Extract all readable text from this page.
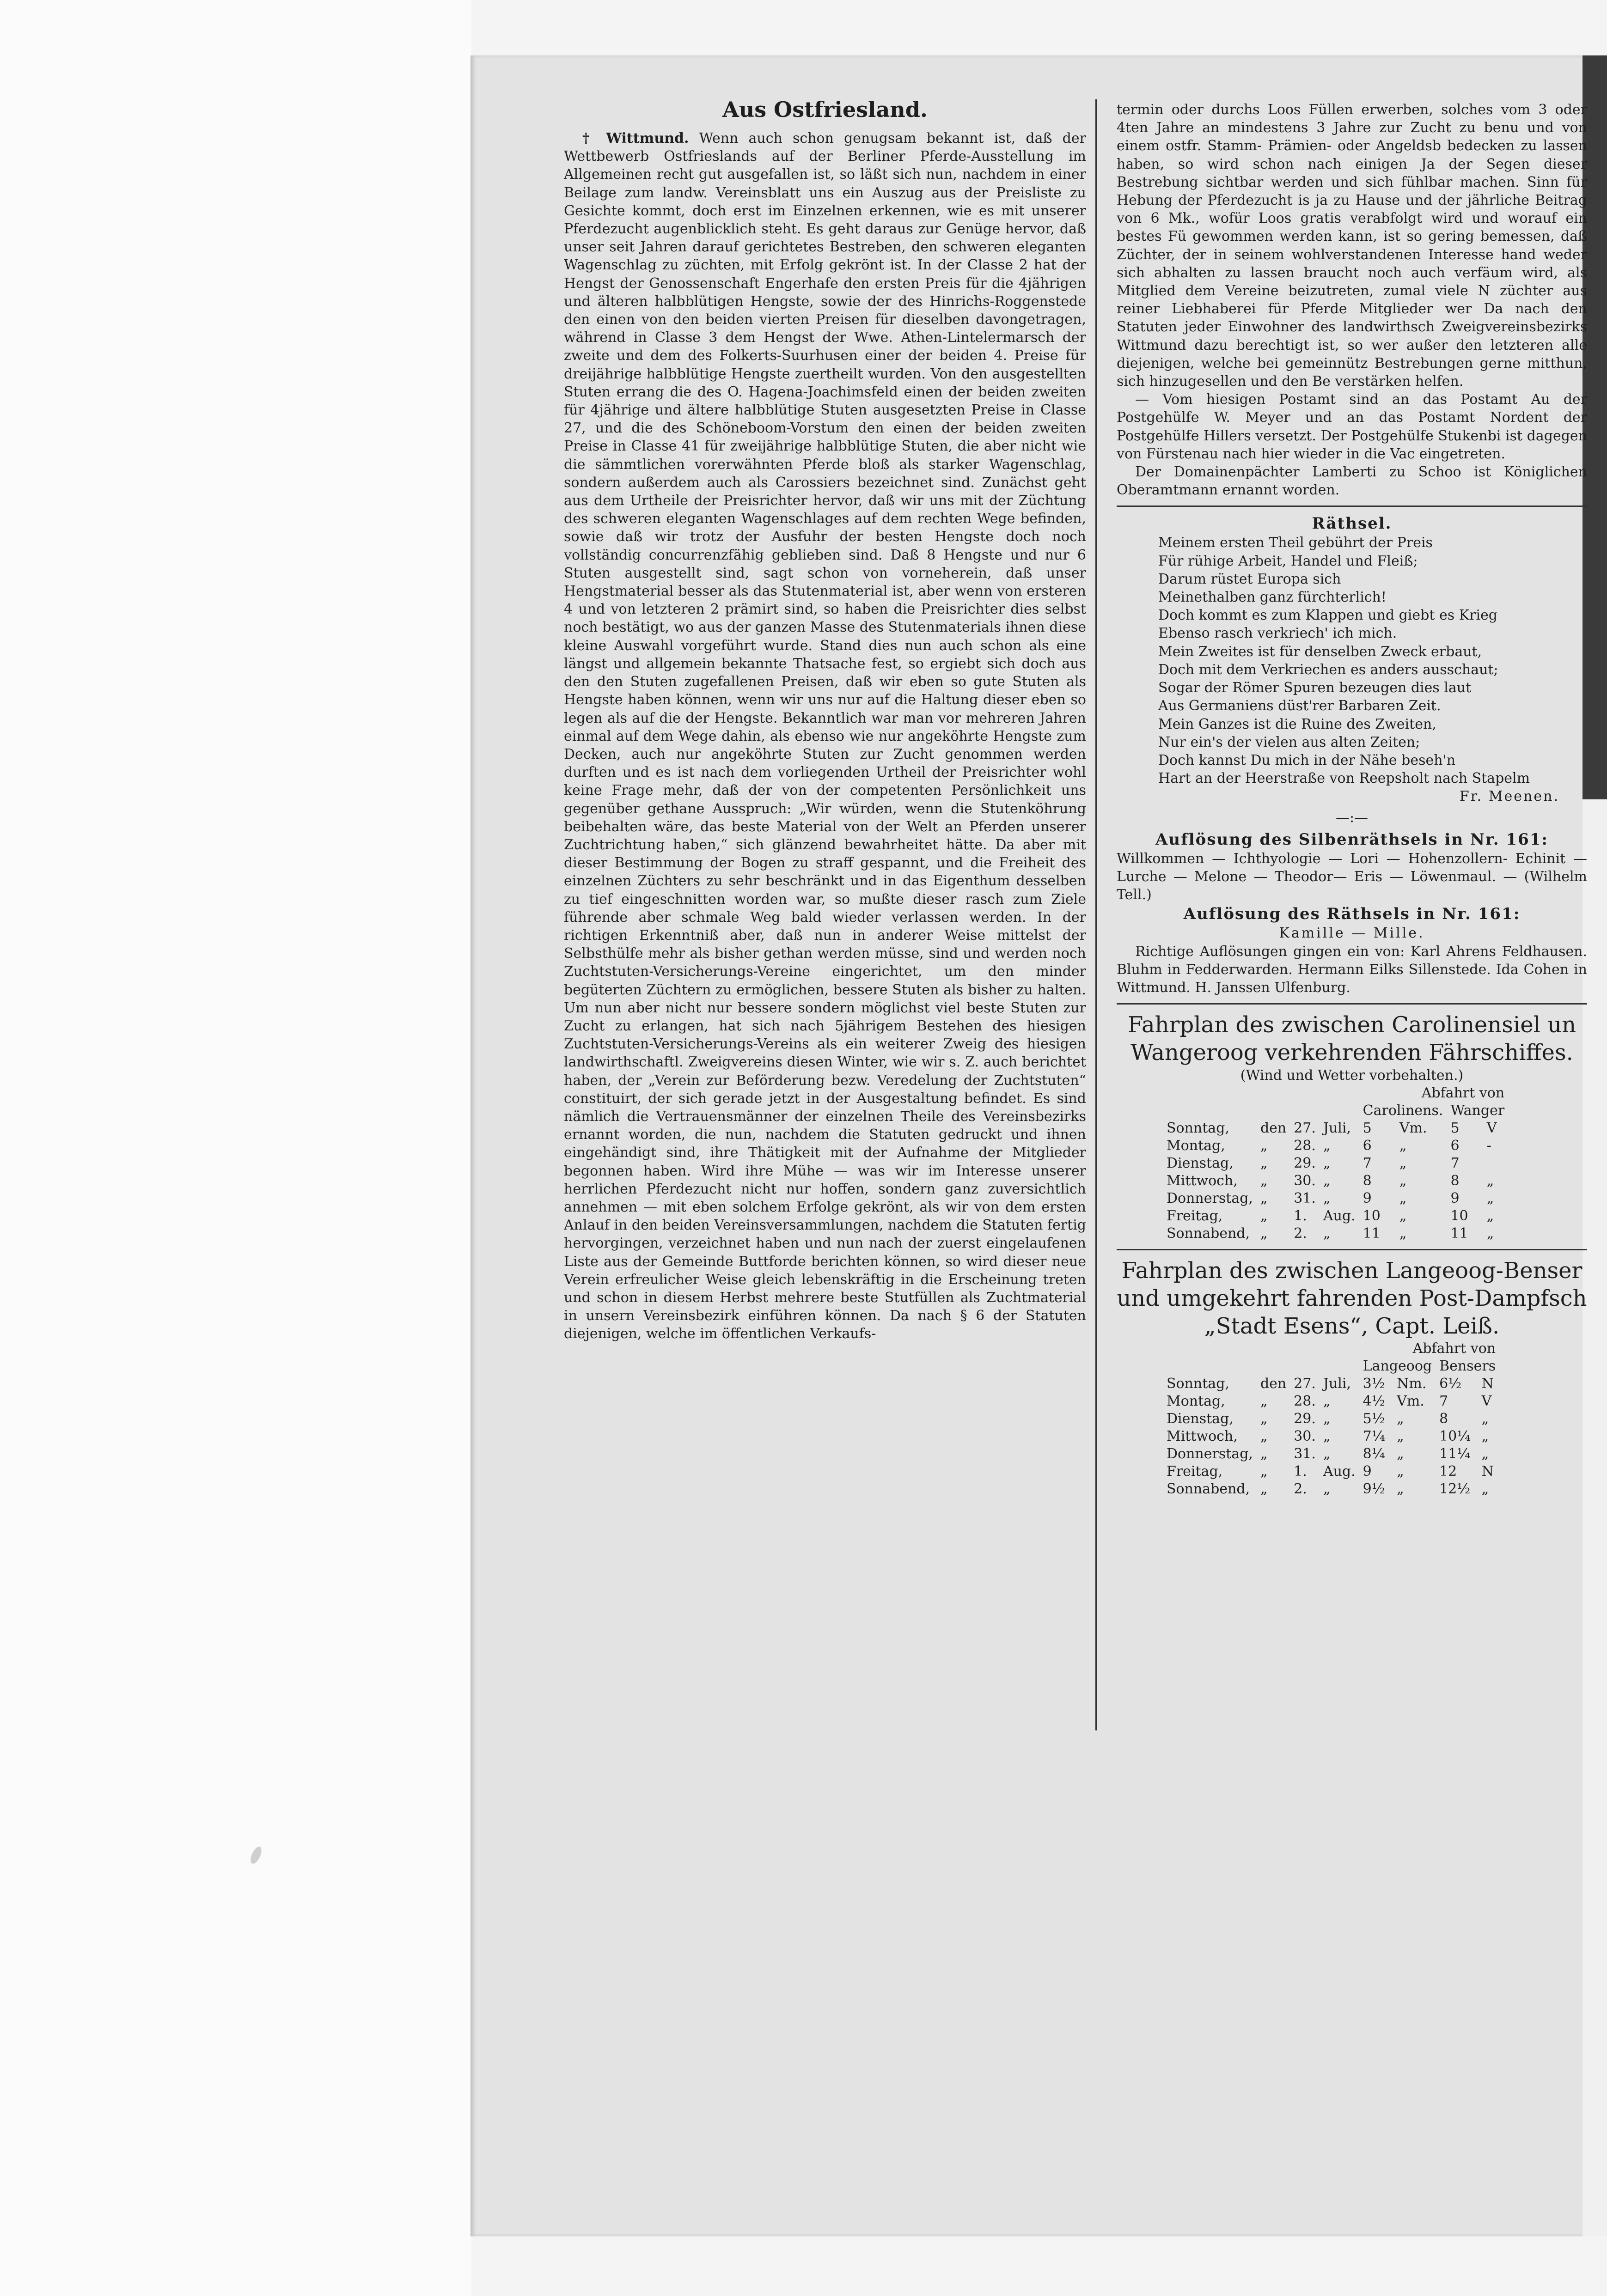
Aus Ostfriesland.

† Wittmund. Wenn auch schon genugsam bekannt ist, daß der Wettbewerb Ostfrieslands auf der Berliner Pferde-Ausstellung im Allgemeinen recht gut ausgefallen ist, so läßt sich nun, nachdem in einer Beilage zum landw. Vereinsblatt uns ein Auszug aus der Preisliste zu Gesichte kommt, doch erst im Einzelnen erkennen, wie es mit unserer Pferdezucht augenblicklich steht. Es geht daraus zur Genüge hervor, daß unser seit Jahren darauf gerichtetes Bestreben, den schweren eleganten Wagenschlag zu züchten, mit Erfolg gekrönt ist. In der Classe 2 hat der Hengst der Genossenschaft Engerhafe den ersten Preis für die 4jährigen und älteren halbblütigen Hengste, sowie der des Hinrichs-Roggenstede den einen von den beiden vierten Preisen für dieselben davongetragen, während in Classe 3 dem Hengst der Wwe. Athen-Lintelermarsch der zweite und dem des Folkerts-Suurhusen einer der beiden 4. Preise für dreijährige halbblütige Hengste zuertheilt wurden. Von den ausgestellten Stuten errang die des O. Hagena-Joachimsfeld einen der beiden zweiten für 4jährige und ältere halbblütige Stuten ausgesetzten Preise in Classe 27, und die des Schöneboom-Vorstum den einen der beiden zweiten Preise in Classe 41 für zweijährige halbblütige Stuten, die aber nicht wie die sämmtlichen vorerwähnten Pferde bloß als starker Wagenschlag, sondern außerdem auch als Carossiers bezeichnet sind. Zunächst geht aus dem Urtheile der Preisrichter hervor, daß wir uns mit der Züchtung des schweren eleganten Wagenschlages auf dem rechten Wege befinden, sowie daß wir trotz der Ausfuhr der besten Hengste doch noch vollständig concurrenzfähig geblieben sind. Daß 8 Hengste und nur 6 Stuten ausgestellt sind, sagt schon von vorneherein, daß unser Hengstmaterial besser als das Stutenmaterial ist, aber wenn von ersteren 4 und von letzteren 2 prämirt sind, so haben die Preisrichter dies selbst noch bestätigt, wo aus der ganzen Masse des Stutenmaterials ihnen diese kleine Auswahl vorgeführt wurde. Stand dies nun auch schon als eine längst und allgemein bekannte Thatsache fest, so ergiebt sich doch aus den den Stuten zugefallenen Preisen, daß wir eben so gute Stuten als Hengste haben können, wenn wir uns nur auf die Haltung dieser eben so legen als auf die der Hengste. Bekanntlich war man vor mehreren Jahren einmal auf dem Wege dahin, als ebenso wie nur angeköhrte Hengste zum Decken, auch nur angeköhrte Stuten zur Zucht genommen werden durften und es ist nach dem vorliegenden Urtheil der Preisrichter wohl keine Frage mehr, daß der von der competenten Persönlichkeit uns gegenüber gethane Ausspruch: „Wir würden, wenn die Stutenköhrung beibehalten wäre, das beste Material von der Welt an Pferden unserer Zuchtrichtung haben,“ sich glänzend bewahrheitet hätte. Da aber mit dieser Bestimmung der Bogen zu straff gespannt, und die Freiheit des einzelnen Züchters zu sehr beschränkt und in das Eigenthum desselben zu tief eingeschnitten worden war, so mußte dieser rasch zum Ziele führende aber schmale Weg bald wieder verlassen werden. In der richtigen Erkenntniß aber, daß nun in anderer Weise mittelst der Selbsthülfe mehr als bisher gethan werden müsse, sind und werden noch Zuchtstuten-Versicherungs-Vereine eingerichtet, um den minder begüterten Züchtern zu ermöglichen, bessere Stuten als bisher zu halten. Um nun aber nicht nur bessere sondern möglichst viel beste Stuten zur Zucht zu erlangen, hat sich nach 5jährigem Bestehen des hiesigen Zuchtstuten-Versicherungs-Vereins als ein weiterer Zweig des hiesigen landwirthschaftl. Zweigvereins diesen Winter, wie wir s. Z. auch berichtet haben, der „Verein zur Beförderung bezw. Veredelung der Zuchtstuten“ constituirt, der sich gerade jetzt in der Ausgestaltung befindet. Es sind nämlich die Vertrauensmänner der einzelnen Theile des Vereinsbezirks ernannt worden, die nun, nachdem die Statuten gedruckt und ihnen eingehändigt sind, ihre Thätigkeit mit der Aufnahme der Mitglieder begonnen haben. Wird ihre Mühe — was wir im Interesse unserer herrlichen Pferdezucht nicht nur hoffen, sondern ganz zuversichtlich annehmen — mit eben solchem Erfolge gekrönt, als wir von dem ersten Anlauf in den beiden Vereinsversammlungen, nachdem die Statuten fertig hervorgingen, verzeichnet haben und nun nach der zuerst eingelaufenen Liste aus der Gemeinde Buttforde berichten können, so wird dieser neue Verein erfreulicher Weise gleich lebenskräftig in die Erscheinung treten und schon in diesem Herbst mehrere beste Stutfüllen als Zuchtmaterial in unsern Vereinsbezirk einführen können. Da nach § 6 der Statuten diejenigen, welche im öffentlichen Verkaufs-

termin oder durchs Loos Füllen erwerben, solches vom 3 oder 4ten Jahre an mindestens 3 Jahre zur Zucht zu benu und von einem ostfr. Stamm- Prämien- oder Angeldsb bedecken zu lassen haben, so wird schon nach einigen Ja der Segen dieser Bestrebung sichtbar werden und sich fühlbar machen. Sinn für Hebung der Pferdezucht is ja zu Hause und der jährliche Beitrag von 6 Mk., wofür Loos gratis verabfolgt wird und worauf ein bestes Fü gewommen werden kann, ist so gering bemessen, daß Züchter, der in seinem wohlverstandenen Interesse hand weder sich abhalten zu lassen braucht noch auch verfäum wird, als Mitglied dem Vereine beizutreten, zumal viele N züchter aus reiner Liebhaberei für Pferde Mitglieder wer Da nach den Statuten jeder Einwohner des landwirthsch Zweigvereinsbezirks Wittmund dazu berechtigt ist, so wer außer den letzteren alle diejenigen, welche bei gemeinnütz Bestrebungen gerne mitthun, sich hinzugesellen und den Be verstärken helfen.

— Vom hiesigen Postamt sind an das Postamt Au der Postgehülfe W. Meyer und an das Postamt Nordent der Postgehülfe Hillers versetzt. Der Postgehülfe Stukenbi ist dagegen von Fürstenau nach hier wieder in die Vac eingetreten.

Der Domainenpächter Lamberti zu Schoo ist Königlichen Oberamtmann ernannt worden.

Räthsel.

Meinem ersten Theil gebührt der Preis

Für rühige Arbeit, Handel und Fleiß;

Darum rüstet Europa sich

Meinethalben ganz fürchterlich!

Doch kommt es zum Klappen und giebt es Krieg

Ebenso rasch verkriech' ich mich.

Mein Zweites ist für denselben Zweck erbaut,

Doch mit dem Verkriechen es anders ausschaut;

Sogar der Römer Spuren bezeugen dies laut

Aus Germaniens düst'rer Barbaren Zeit.

Mein Ganzes ist die Ruine des Zweiten,

Nur ein's der vielen aus alten Zeiten;

Doch kannst Du mich in der Nähe beseh'n

Hart an der Heerstraße von Reepsholt nach Stapelm

Fr. Meenen.

—:—
Auflösung des Silbenräthsels in Nr. 161:

Willkommen — Ichthyologie — Lori — Hohenzollern- Echinit — Lurche — Melone — Theodor— Eris — Löwenmaul. — (Wilhelm Tell.)

Auflösung des Räthsels in Nr. 161:

Kamille — Mille.

Richtige Auflösungen gingen ein von: Karl Ahrens Feldhausen. Bluhm in Fedderwarden. Hermann Eilks Sillenstede. Ida Cohen in Wittmund. H. Janssen Ulfenburg.

Fahrplan des zwischen Carolinensiel un

Wangeroog verkehrenden Fährschiffes.

(Wind und Wetter vorbehalten.)

				Abfahrt von			
				Carolinens.		Wanger	
Sonntag,	den	27.	Juli,	5	Vm.	5	V
Montag,	„	28.	„	6	„	6	-
Dienstag,	„	29.	„	7	„	7	
Mittwoch,	„	30.	„	8	„	8	„
Donnerstag,	„	31.	„	9	„	9	„
Freitag,	„	1.	Aug.	10	„	10	„
Sonnabend,	„	2.	„	11	„	11	„

Fahrplan des zwischen Langeoog-Benser

und umgekehrt fahrenden Post-Dampfsch

„Stadt Esens“, Capt. Leiß.

				Abfahrt von			
				Langeoog		Bensers	
Sonntag,	den	27.	Juli,	3½	Nm.	6½	N
Montag,	„	28.	„	4½	Vm.	7	V
Dienstag,	„	29.	„	5½	„	8	„
Mittwoch,	„	30.	„	7¼	„	10¼	„
Donnerstag,	„	31.	„	8¼	„	11¼	„
Freitag,	„	1.	Aug.	9	„	12	N
Sonnabend,	„	2.	„	9½	„	12½	„
